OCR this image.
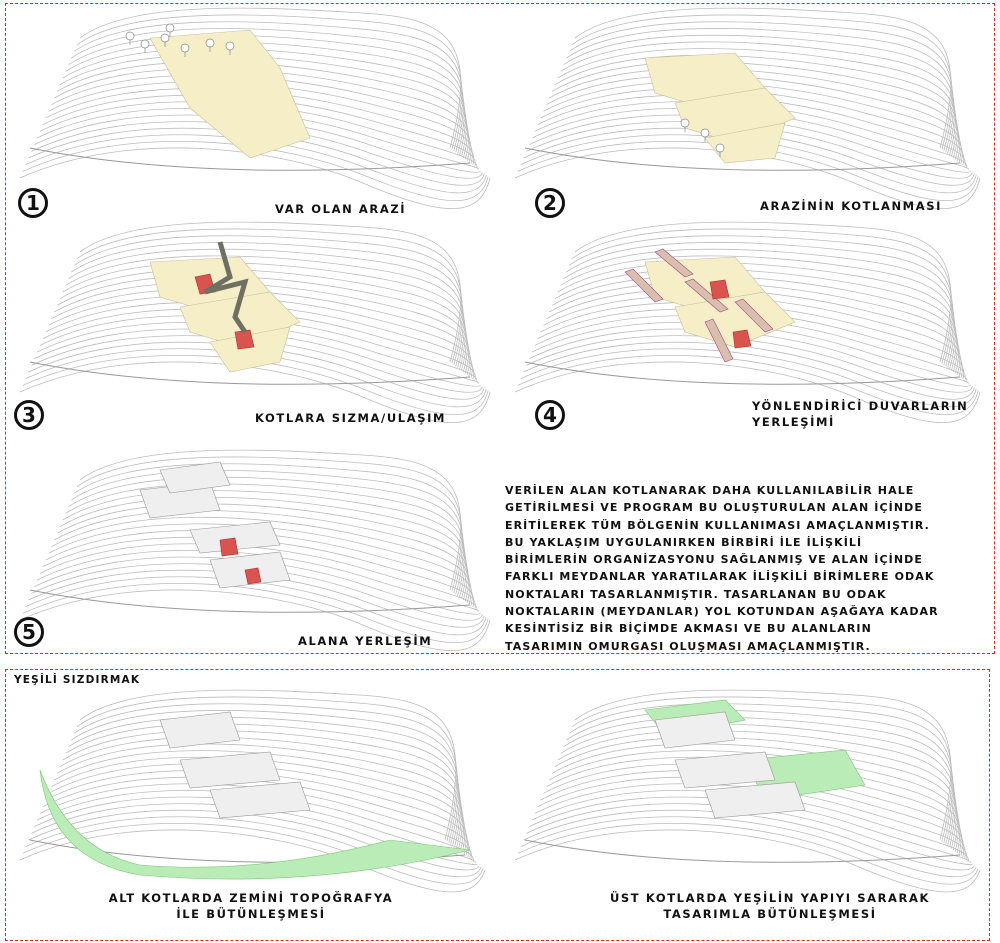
1	2
3	4
5
VAR OLAN ARAZİ	ARAZİNİN KOTLANMASI
KOTLARA SIZMA/ULAŞIM
YÖNLENDİRİCİ DUVARLARIN
YERLEŞİMİ
ALANA YERLEŞİM
VERİLEN ALAN KOTLANARAK DAHA KULLANILABİLİR HALE
GETİRİLMESİ VE PROGRAM BU OLUŞTURULAN ALAN İÇİNDE
ERİTİLEREK TÜM BÖLGENİN KULLANIMASI AMAÇLANMIŞTIR.
BU YAKLAŞIM UYGULANIRKEN BİRBİRİ İLE İLİŞKİLİ
BİRİMLERİN ORGANİZASYONU SAĞLANMIŞ VE ALAN İÇİNDE
FARKLI MEYDANLAR YARATILARAK İLİŞKİLİ BİRİMLERE ODAK
NOKTALARI TASARLANMIŞTIR. TASARLANAN BU ODAK
NOKTALARIN (MEYDANLAR) YOL KOTUNDAN AŞAĞAYA KADAR
KESİNTİSİZ BİR BİÇİMDE AKMASI VE BU ALANLARIN
TASARIMIN OMURGASI OLUŞMASI AMAÇLANMIŞTIR.
YEŞİLİ SIZDIRMAK
ALT KOTLARDA ZEMİNİ TOPOĞRAFYA
İLE BÜTÜNLEŞMESİ
ÜST KOTLARDA YEŞİLİN YAPIYI SARARAK
TASARIMLA BÜTÜNLEŞMESİ
